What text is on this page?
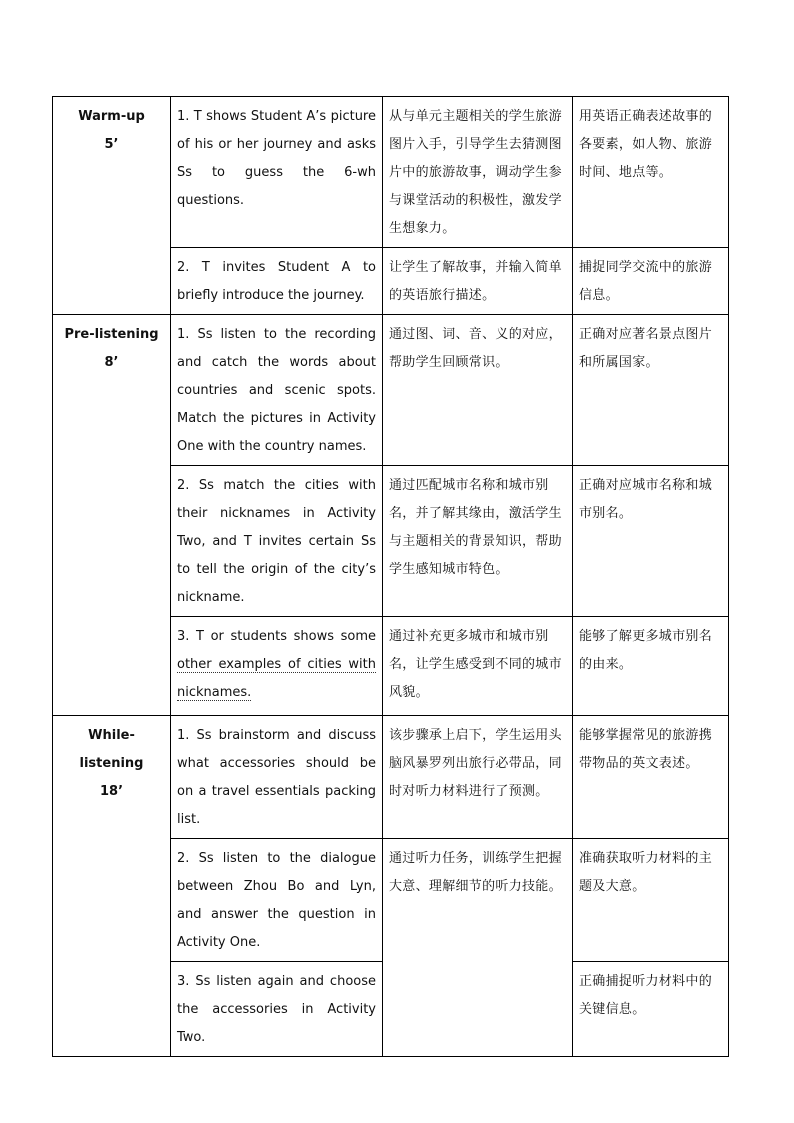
Warm-up
5’	1. T shows Student A’s picture of his or her journey and asks Ss to guess the 6-wh questions.	从与单元主题相关的学生旅游图片入手，引导学生去猜测图片中的旅游故事，调动学生参与课堂活动的积极性，激发学生想象力。	用英语正确表述故事的各要素，如人物、旅游时间、地点等。
	2. T invites Student A to briefly introduce the journey.	让学生了解故事，并输入简单的英语旅行描述。	捕捉同学交流中的旅游信息。

Pre-listening
8’	1. Ss listen to the recording and catch the words about countries and scenic spots. Match the pictures in Activity One with the country names.	通过图、词、音、义的对应，帮助学生回顾常识。	正确对应著名景点图片和所属国家。
	2. Ss match the cities with their nicknames in Activity Two, and T invites certain Ss to tell the origin of the city’s nickname.	通过匹配城市名称和城市别名，并了解其缘由，激活学生与主题相关的背景知识，帮助学生感知城市特色。	正确对应城市名称和城市别名。
	3. T or students shows some other examples of cities with nicknames.	通过补充更多城市和城市别名，让学生感受到不同的城市风貌。	能够了解更多城市别名的由来。

While-listening
18’	1. Ss brainstorm and discuss what accessories should be on a travel essentials packing list.	该步骤承上启下，学生运用头脑风暴罗列出旅行必带品，同时对听力材料进行了预测。	能够掌握常见的旅游携带物品的英文表述。
	2. Ss listen to the dialogue between Zhou Bo and Lyn, and answer the question in Activity One.	通过听力任务，训练学生把握大意、理解细节的听力技能。	准确获取听力材料的主题及大意。
	3. Ss listen again and choose the accessories in Activity Two.		正确捕捉听力材料中的关键信息。
